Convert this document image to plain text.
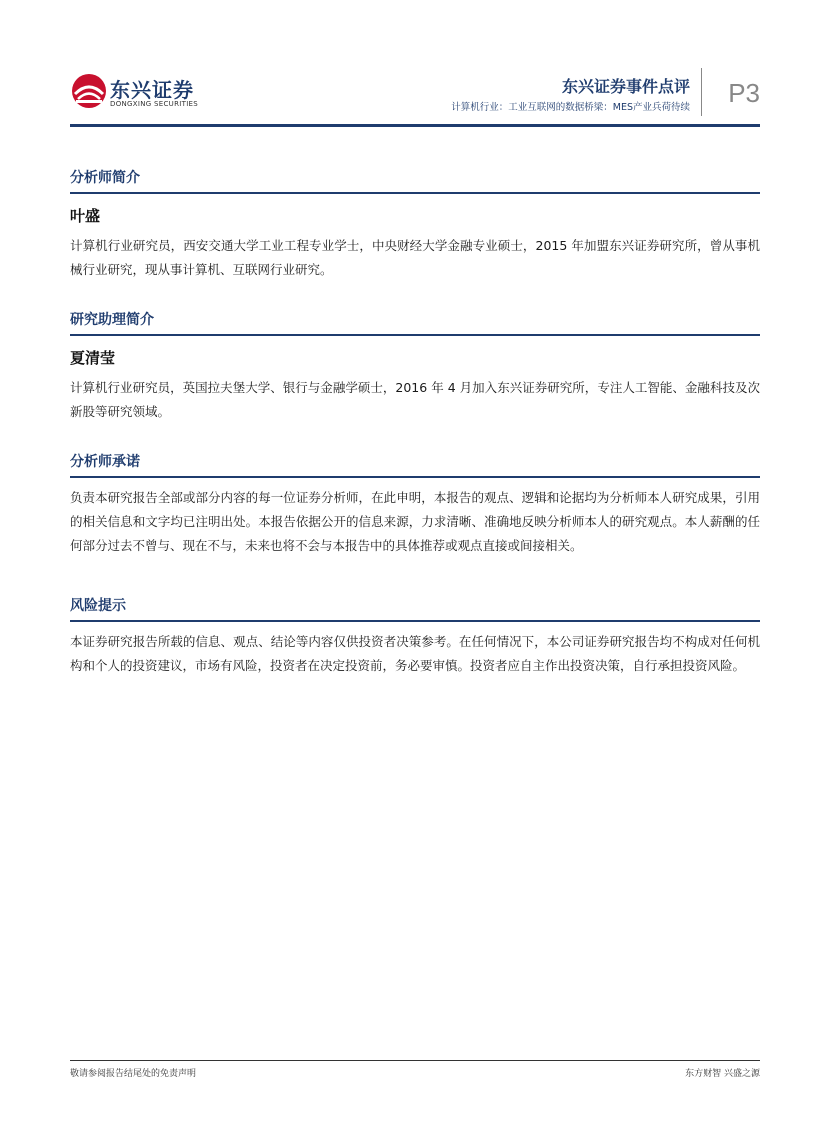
东兴证券
DONGXING SECURITIES
东兴证券事件点评
计算机行业：工业互联网的数据桥梁：MES产业兵荷待续 P3
分析师简介
叶盛

计算机行业研究员，西安交通大学工业工程专业学士，中央财经大学金融专业硕士，2015 年加盟东兴证券研究所，曾从事机械行业研究，现从事计算机、互联网行业研究。

研究助理简介
夏清莹

计算机行业研究员，英国拉夫堡大学、银行与金融学硕士，2016 年 4 月加入东兴证券研究所，专注人工智能、金融科技及次新股等研究领域。

分析师承诺

负责本研究报告全部或部分内容的每一位证券分析师，在此申明，本报告的观点、逻辑和论据均为分析师本人研究成果，引用的相关信息和文字均已注明出处。本报告依据公开的信息来源，力求清晰、准确地反映分析师本人的研究观点。本人薪酬的任何部分过去不曾与、现在不与，未来也将不会与本报告中的具体推荐或观点直接或间接相关。

风险提示

本证券研究报告所载的信息、观点、结论等内容仅供投资者决策参考。在任何情况下，本公司证券研究报告均不构成对任何机构和个人的投资建议，市场有风险，投资者在决定投资前，务必要审慎。投资者应自主作出投资决策，自行承担投资风险。

敬请参阅报告结尾处的免责声明	东方财智 兴盛之源
